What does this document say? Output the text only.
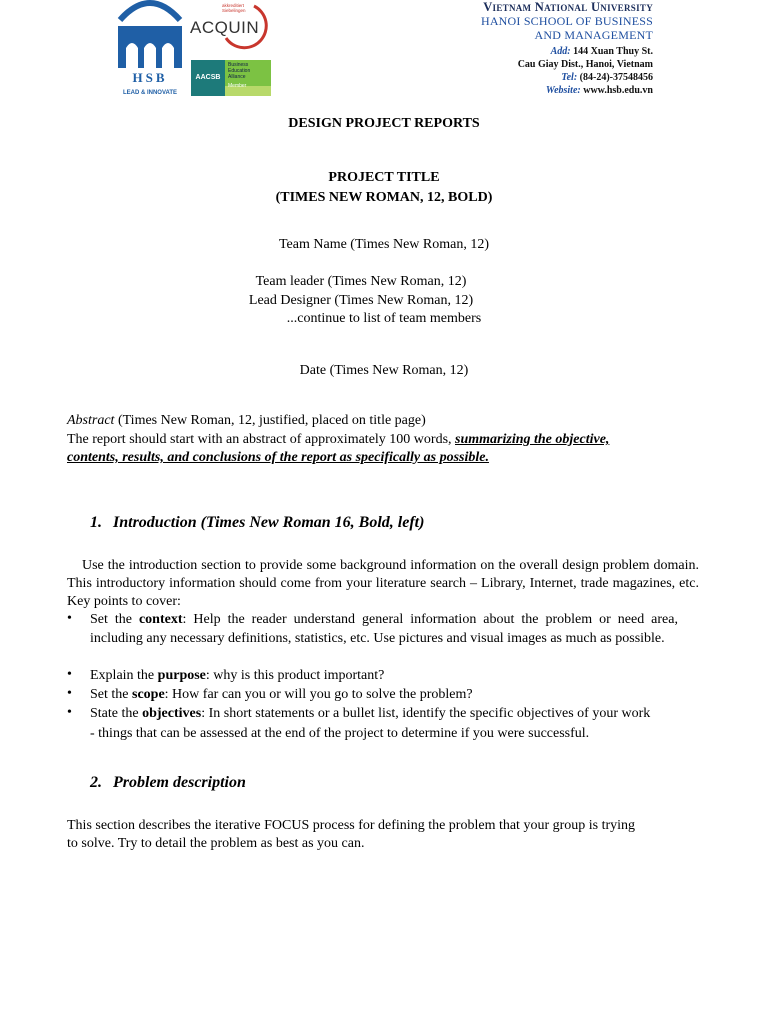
HSB
LEAD & INNOVATE
akkreditiert Siebelingen
ACQUIN
AACSB
Business
Education
Alliance
Member
Vietnam National University
HANOI SCHOOL OF BUSINESS
AND MANAGEMENT
Add: 144 Xuan Thuy St.
Cau Giay Dist., Hanoi, Vietnam
Tel: (84-24)-37548456
Website: www.hsb.edu.vn
DESIGN PROJECT REPORTS
PROJECT TITLE
(TIMES NEW ROMAN, 12, BOLD)
Team Name (Times New Roman, 12)
Team leader (Times New Roman, 12)
Lead Designer (Times New Roman, 12)
...continue to list of team members
Date (Times New Roman, 12)
Abstract (Times New Roman, 12, justified, placed on title page)
The report should start with an abstract of approximately 100 words, summarizing the objective,
contents, results, and conclusions of the report as specifically as possible.
1. Introduction (Times New Roman 16, Bold, left)
Use the introduction section to provide some background information on the overall design problem domain. This introductory information should come from your literature search – Library, Internet, trade magazines, etc. Key points to cover:
• Set the context: Help the reader understand general information about the problem or need area, including any necessary definitions, statistics, etc. Use pictures and visual images as much as possible.
• Explain the purpose: why is this product important?
• Set the scope: How far can you or will you go to solve the problem?
• State the objectives: In short statements or a bullet list, identify the specific objectives of your work
- things that can be assessed at the end of the project to determine if you were successful.
2. Problem description
This section describes the iterative FOCUS process for defining the problem that your group is trying
to solve. Try to detail the problem as best as you can.
